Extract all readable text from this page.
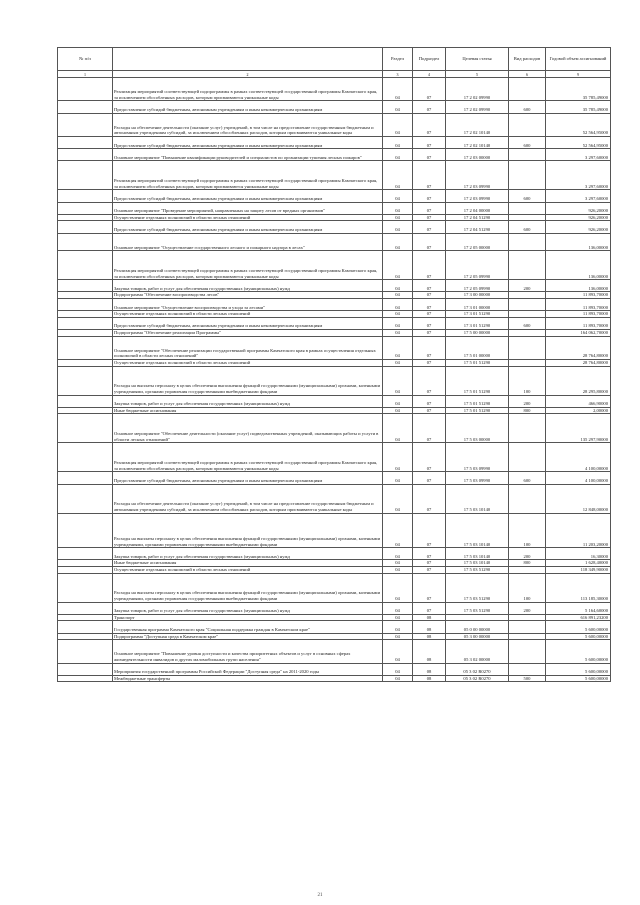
№ п/п		Раздел	Подраздел	Целевая статья	Вид расходов	Годовой объем ассигнований
1	2	3	4	5	6	9
	Реализация мероприятий соответствующей подпрограммы в рамках соответствующей государственной программы Камчатского края, за исключением обособленных расходов, которым присваиваются уникальные коды	04	07	17 2 02 09990		35 785,49000
	Предоставление субсидий бюджетным, автономным учреждениям и иным некоммерческим организациям	04	07	17 2 02 09990	600	35 785,49000
	Расходы на обеспечение деятельности (оказание услуг) учреждений, в том числе на предоставление государственным бюджетным и автономным учреждениям субсидий, за исключением обособленных расходов, которым присваиваются уникальные коды	04	07	17 2 02 10140		52 564,95000
	Предоставление субсидий бюджетным, автономным учреждениям и иным некоммерческим организациям	04	07	17 2 02 10140	600	52 564,95000
	Основное мероприятие "Повышение квалификации руководителей и специалистов по организации тушения лесных пожаров"	04	07	17 2 03 00000		3 297,60000
	Реализация мероприятий соответствующей подпрограммы в рамках соответствующей государственной программы Камчатского края, за исключением обособленных расходов, которым присваиваются уникальные коды	04	07	17 2 03 09990		3 297,60000
	Предоставление субсидий бюджетным, автономным учреждениям и иным некоммерческим организациям	04	07	17 2 03 09990	600	3 297,60000
	Основное мероприятие "Проведение мероприятий, направленных на защиту лесов от вредных организмов"	04	07	17 2 04 00000		926,20000
	Осуществление отдельных полномочий в области лесных отношений	04	07	17 2 04 51290		926,20000
	Предоставление субсидий бюджетным, автономным учреждениям и иным некоммерческим организациям	04	07	17 2 04 51290	600	926,20000
	Основное мероприятие "Осуществление государственного лесного и пожарного надзора в лесах"	04	07	17 2 05 00000		136,00000
	Реализация мероприятий соответствующей подпрограммы в рамках соответствующей государственной программы Камчатского края, за исключением обособленных расходов, которым присваиваются уникальные коды	04	07	17 2 05 09990		136,00000
	Закупка товаров, работ и услуг для обеспечения государственных (муниципальных) нужд	04	07	17 2 05 09990	200	136,00000
	Подпрограмма "Обеспечение воспроизводства лесов"	04	07	17 3 00 00000		11 893,70000
	Основное мероприятие "Осуществление воспроизводства и ухода за лесами"	04	07	17 3 01 00000		11 893,70000
	Осуществление отдельных полномочий в области лесных отношений	04	07	17 3 01 51290		11 893,70000
	Предоставление субсидий бюджетным, автономным учреждениям и иным некоммерческим организациям	04	07	17 3 01 51290	600	11 893,70000
	Подпрограмма "Обеспечение реализации Программы"	04	07	17 5 00 00000		164 062,70000
	Основное мероприятие "Обеспечение реализации государственной программы Камчатского края в рамках осуществления отдельных полномочий в области лесных отношений"	04	07	17 5 01 00000		28 764,80000
	Осуществление отдельных полномочий в области лесных отношений	04	07	17 5 01 51290		28 764,80000
	Расходы на выплаты персоналу в целях обеспечения выполнения функций государственными (муниципальными) органами, казенными учреждениями, органами управления государственными внебюджетными фондами	04	07	17 5 01 51290	100	28 295,80000
	Закупка товаров, работ и услуг для обеспечения государственных (муниципальных) нужд	04	07	17 5 01 51290	200	466,90000
	Иные бюджетные ассигнования	04	07	17 5 01 51290	800	2,00000
	Основное мероприятие "Обеспечение деятельности (оказание услуг) подведомственных учреждений, оказывающих работы и услуги в области лесных отношений"	04	07	17 5 03 00000		135 297,90000
	Реализация мероприятий соответствующей подпрограммы в рамках соответствующей государственной программы Камчатского края, за исключением обособленных расходов, которым присваиваются уникальные коды	04	07	17 5 03 09990		4 100,00000
	Предоставление субсидий бюджетным, автономным учреждениям и иным некоммерческим организациям	04	07	17 5 03 09990	600	4 100,00000
	Расходы на обеспечение деятельности (оказание услуг) учреждений, в том числе на предоставление государственным бюджетным и автономным учреждениям субсидий, за исключением обособленных расходов, которым присваиваются уникальные коды	04	07	17 5 03 10140		12 848,00000
	Расходы на выплаты персоналу в целях обеспечения выполнения функций государственными (муниципальными) органами, казенными учреждениями, органами управления государственными внебюджетными фондами	04	07	17 5 03 10140	100	11 203,20000
	Закупка товаров, работ и услуг для обеспечения государственных (муниципальных) нужд	04	07	17 5 03 10140	200	16,30000
	Иные бюджетные ассигнования	04	07	17 5 03 10140	800	1 628,40000
	Осуществление отдельных полномочий в области лесных отношений	04	07	17 5 03 51290		118 349,90000
	Расходы на выплаты персоналу в целях обеспечения выполнения функций государственными (муниципальными) органами, казенными учреждениями, органами управления государственными внебюджетными фондами	04	07	17 5 03 51290	100	113 185,30000
	Закупка товаров, работ и услуг для обеспечения государственных (муниципальных) нужд	04	07	17 5 03 51290	200	5 164,60000
	Транспорт	04	08			616 891,23200
	Государственная программа Камчатского края "Социальная поддержка граждан в Камчатском крае"	04	08	05 0 00 00000		5 600,00000
	Подпрограмма "Доступная среда в Камчатском крае"	04	08	05 3 00 00000		5 600,00000
	Основное мероприятие "Повышение уровня доступности и качества приоритетных объектов и услуг в основных сферах жизнедеятельности инвалидов и других маломобильных групп населения"	04	08	05 3 02 00000		5 600,00000
	Мероприятия государственной программы Российской Федерации "Доступная среда" на 2011-2020 годы	04	08	05 3 02 R0270		5 600,00000
	Межбюджетные трансферты	04	08	05 3 02 R0270	500	5 600,00000
21
